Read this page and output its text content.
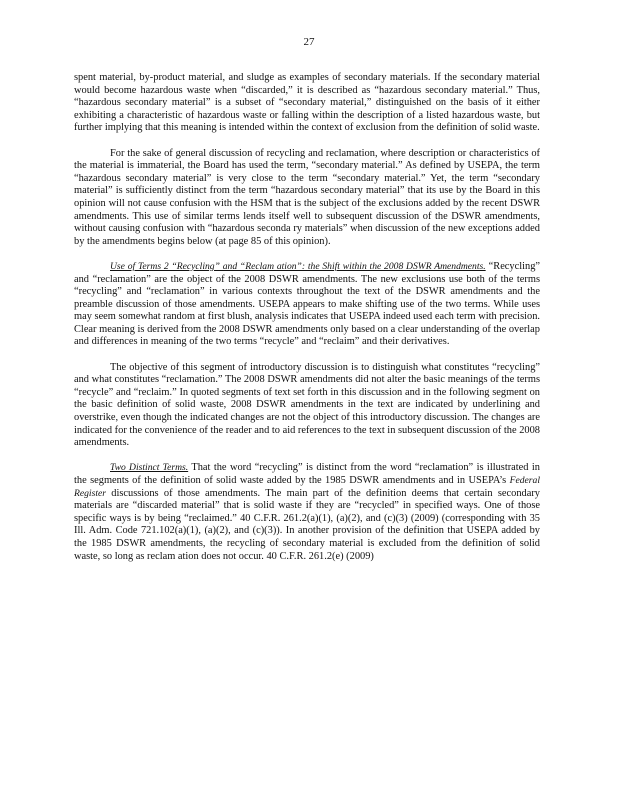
27

spent material, by-product material, and sludge as examples of secondary materials. If the secondary material would become hazardous waste when “discarded,” it is described as “hazardous secondary material.” Thus, “hazardous secondary material” is a subset of “secondary material,” distinguished on the basis of it either exhibiting a characteristic of hazardous waste or falling within the description of a listed hazardous waste, but further implying that this meaning is intended within the context of exclusion from the definition of solid waste.

For the sake of general discussion of recycling and reclamation, where description or characteristics of the material is immaterial, the Board has used the term, “secondary material.” As defined by USEPA, the term “hazardous secondary material” is very close to the term “secondary material.” Yet, the term “secondary material” is sufficiently distinct from the term “hazardous secondary material” that its use by the Board in this opinion will not cause confusion with the HSM that is the subject of the exclusions added by the recent DSWR amendments. This use of similar terms lends itself well to subsequent discussion of the DSWR amendments, without causing confusion with “hazardous seconda ry materials” when discussion of the new exceptions added by the amendments begins below (at page 85 of this opinion).

Use of Terms 2 “Recycling” and “Reclam ation”: the Shift within the 2008 DSWR Amendments. “Recycling” and “reclamation” are the object of the 2008 DSWR amendments. The new exclusions use both of the terms “recycling” and “reclamation” in various contexts throughout the text of the DSWR amendments and the preamble discussion of those amendments. USEPA appears to make shifting use of the two terms. While uses may seem somewhat random at first blush, analysis indicates that USEPA indeed used each term with precision. Clear meaning is derived from the 2008 DSWR amendments only based on a clear understanding of the overlap and differences in meaning of the two terms “recycle” and “reclaim” and their derivatives.

The objective of this segment of introductory discussion is to distinguish what constitutes “recycling” and what constitutes “reclamation.” The 2008 DSWR amendments did not alter the basic meanings of the terms “recycle” and “reclaim.” In quoted segments of text set forth in this discussion and in the following segment on the basic definition of solid waste, 2008 DSWR amendments in the text are indicated by underlining and overstrike, even though the indicated changes are not the object of this introductory discussion. The changes are indicated for the convenience of the reader and to aid references to the text in subsequent discussion of the 2008 amendments.

Two Distinct Terms. That the word “recycling” is distinct from the word “reclamation” is illustrated in the segments of the definition of solid waste added by the 1985 DSWR amendments and in USEPA’s Federal Register discussions of those amendments. The main part of the definition deems that certain secondary materials are “discarded material” that is solid waste if they are “recycled” in specified ways. One of those specific ways is by being “reclaimed.” 40 C.F.R. 261.2(a)(1), (a)(2), and (c)(3) (2009) (corresponding with 35 Ill. Adm. Code 721.102(a)(1), (a)(2), and (c)(3)). In another provision of the definition that USEPA added by the 1985 DSWR amendments, the recycling of secondary material is excluded from the definition of solid waste, so long as reclam ation does not occur. 40 C.F.R. 261.2(e) (2009)
